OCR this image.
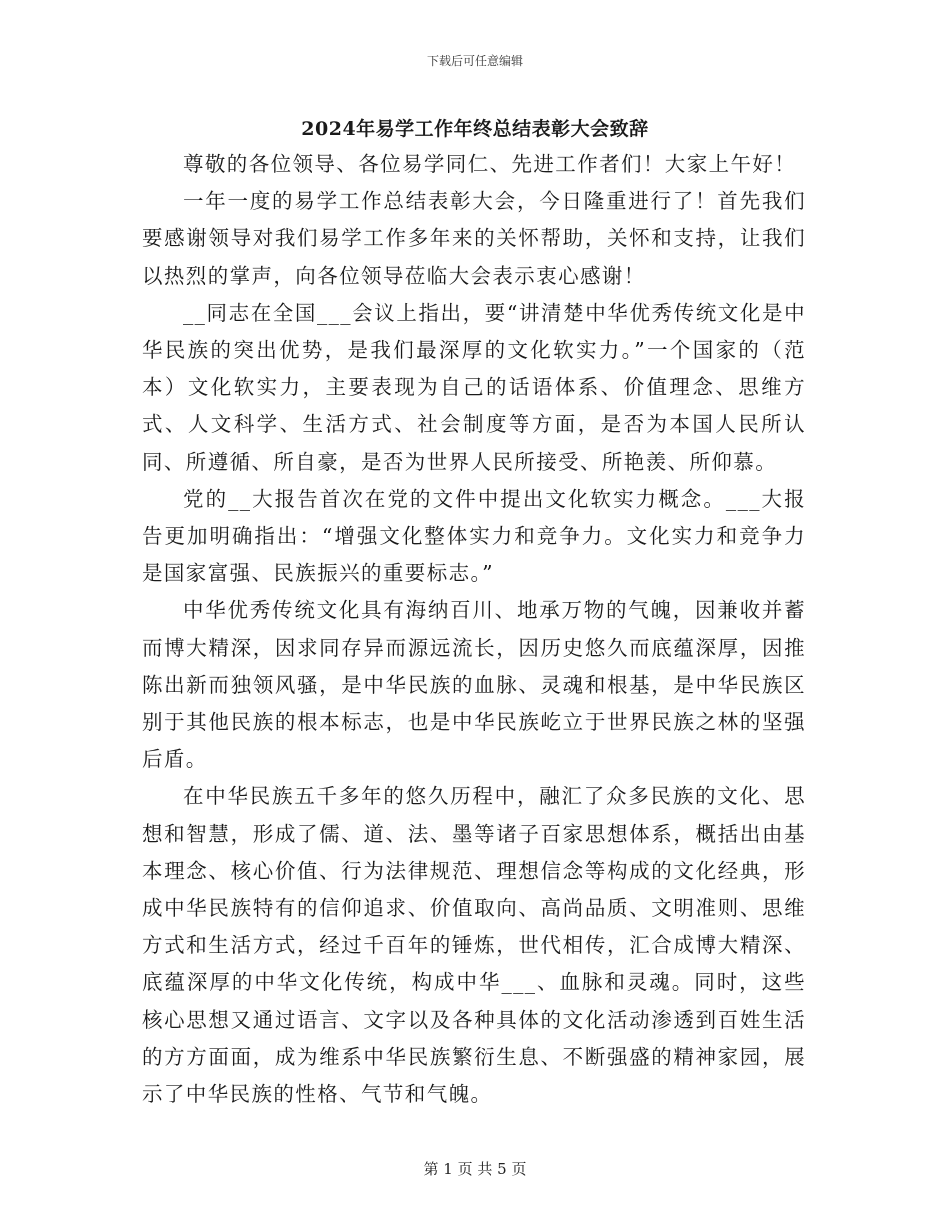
下载后可任意编辑
2024年易学工作年终总结表彰大会致辞

尊敬的各位领导、各位易学同仁、先进工作者们！大家上午好！

一年一度的易学工作总结表彰大会，今日隆重进行了！首先我们要感谢领导对我们易学工作多年来的关怀帮助，关怀和支持，让我们以热烈的掌声，向各位领导莅临大会表示衷心感谢！

__同志在全国___会议上指出，要“讲清楚中华优秀传统文化是中华民族的突出优势，是我们最深厚的文化软实力。”一个国家的（范本）文化软实力，主要表现为自己的话语体系、价值理念、思维方式、人文科学、生活方式、社会制度等方面，是否为本国人民所认同、所遵循、所自豪，是否为世界人民所接受、所艳羡、所仰慕。

党的__大报告首次在党的文件中提出文化软实力概念。___大报告更加明确指出：“增强文化整体实力和竞争力。文化实力和竞争力是国家富强、民族振兴的重要标志。”

中华优秀传统文化具有海纳百川、地承万物的气魄，因兼收并蓄而博大精深，因求同存异而源远流长，因历史悠久而底蕴深厚，因推陈出新而独领风骚，是中华民族的血脉、灵魂和根基，是中华民族区别于其他民族的根本标志，也是中华民族屹立于世界民族之林的坚强后盾。

在中华民族五千多年的悠久历程中，融汇了众多民族的文化、思想和智慧，形成了儒、道、法、墨等诸子百家思想体系，概括出由基本理念、核心价值、行为法律规范、理想信念等构成的文化经典，形成中华民族特有的信仰追求、价值取向、高尚品质、文明准则、思维方式和生活方式，经过千百年的锤炼，世代相传，汇合成博大精深、底蕴深厚的中华文化传统，构成中华___、血脉和灵魂。同时，这些核心思想又通过语言、文字以及各种具体的文化活动渗透到百姓生活的方方面面，成为维系中华民族繁衍生息、不断强盛的精神家园，展示了中华民族的性格、气节和气魄。

第 1 页 共 5 页
